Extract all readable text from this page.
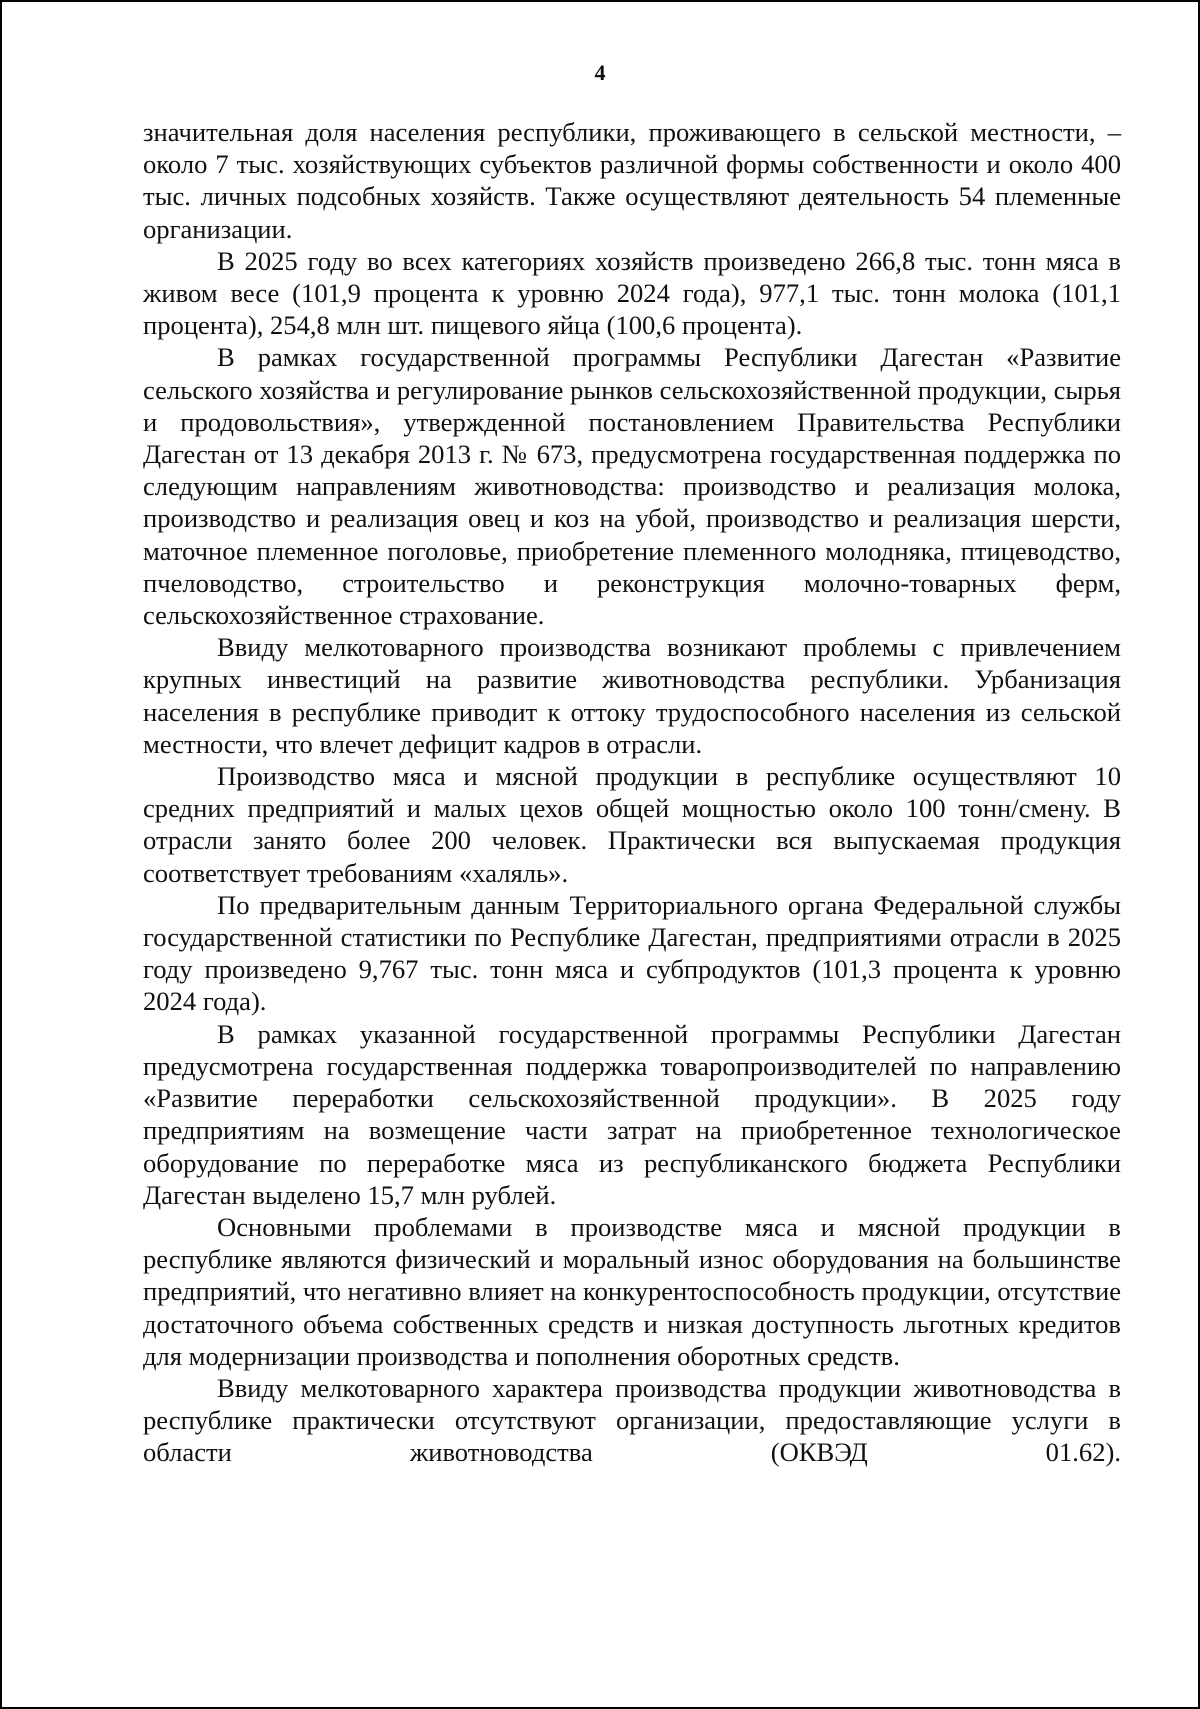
4

значительная доля населения республики, проживающего в сельской местности, – около 7 тыс. хозяйствующих субъектов различной формы собственности и около 400 тыс. личных подсобных хозяйств. Также осуществляют деятельность 54 племенные организации.

В 2025 году во всех категориях хозяйств произведено 266,8 тыс. тонн мяса в живом весе (101,9 процента к уровню 2024 года), 977,1 тыс. тонн молока (101,1 процента), 254,8 млн шт. пищевого яйца (100,6 процента).

В рамках государственной программы Республики Дагестан «Развитие сельского хозяйства и регулирование рынков сельскохозяйственной продукции, сырья и продовольствия», утвержденной постановлением Правительства Республики Дагестан от 13 декабря 2013 г. № 673, предусмотрена государственная поддержка по следующим направлениям животноводства: производство и реализация молока, производство и реализация овец и коз на убой, производство и реализация шерсти, маточное племенное поголовье, приобретение племенного молодняка, птицеводство, пчеловодство, строительство и реконструкция молочно-товарных ферм, сельскохозяйственное страхование.

Ввиду мелкотоварного производства возникают проблемы с привлечением крупных инвестиций на развитие животноводства республики. Урбанизация населения в республике приводит к оттоку трудоспособного населения из сельской местности, что влечет дефицит кадров в отрасли.

Производство мяса и мясной продукции в республике осуществляют 10 средних предприятий и малых цехов общей мощностью около 100 тонн/смену. В отрасли занято более 200 человек. Практически вся выпускаемая продукция соответствует требованиям «халяль».

По предварительным данным Территориального органа Федеральной службы государственной статистики по Республике Дагестан, предприятиями отрасли в 2025 году произведено 9,767 тыс. тонн мяса и субпродуктов (101,3 процента к уровню 2024 года).

В рамках указанной государственной программы Республики Дагестан предусмотрена государственная поддержка товаропроизводителей по направлению «Развитие переработки сельскохозяйственной продукции». В 2025 году предприятиям на возмещение части затрат на приобретенное технологическое оборудование по переработке мяса из республиканского бюджета Республики Дагестан выделено 15,7 млн рублей.

Основными проблемами в производстве мяса и мясной продукции в республике являются физический и моральный износ оборудования на большинстве предприятий, что негативно влияет на конкурентоспособность продукции, отсутствие достаточного объема собственных средств и низкая доступность льготных кредитов для модернизации производства и пополнения оборотных средств.

Ввиду мелкотоварного характера производства продукции животноводства в республике практически отсутствуют организации, предоставляющие услуги в области животноводства (ОКВЭД 01.62).
